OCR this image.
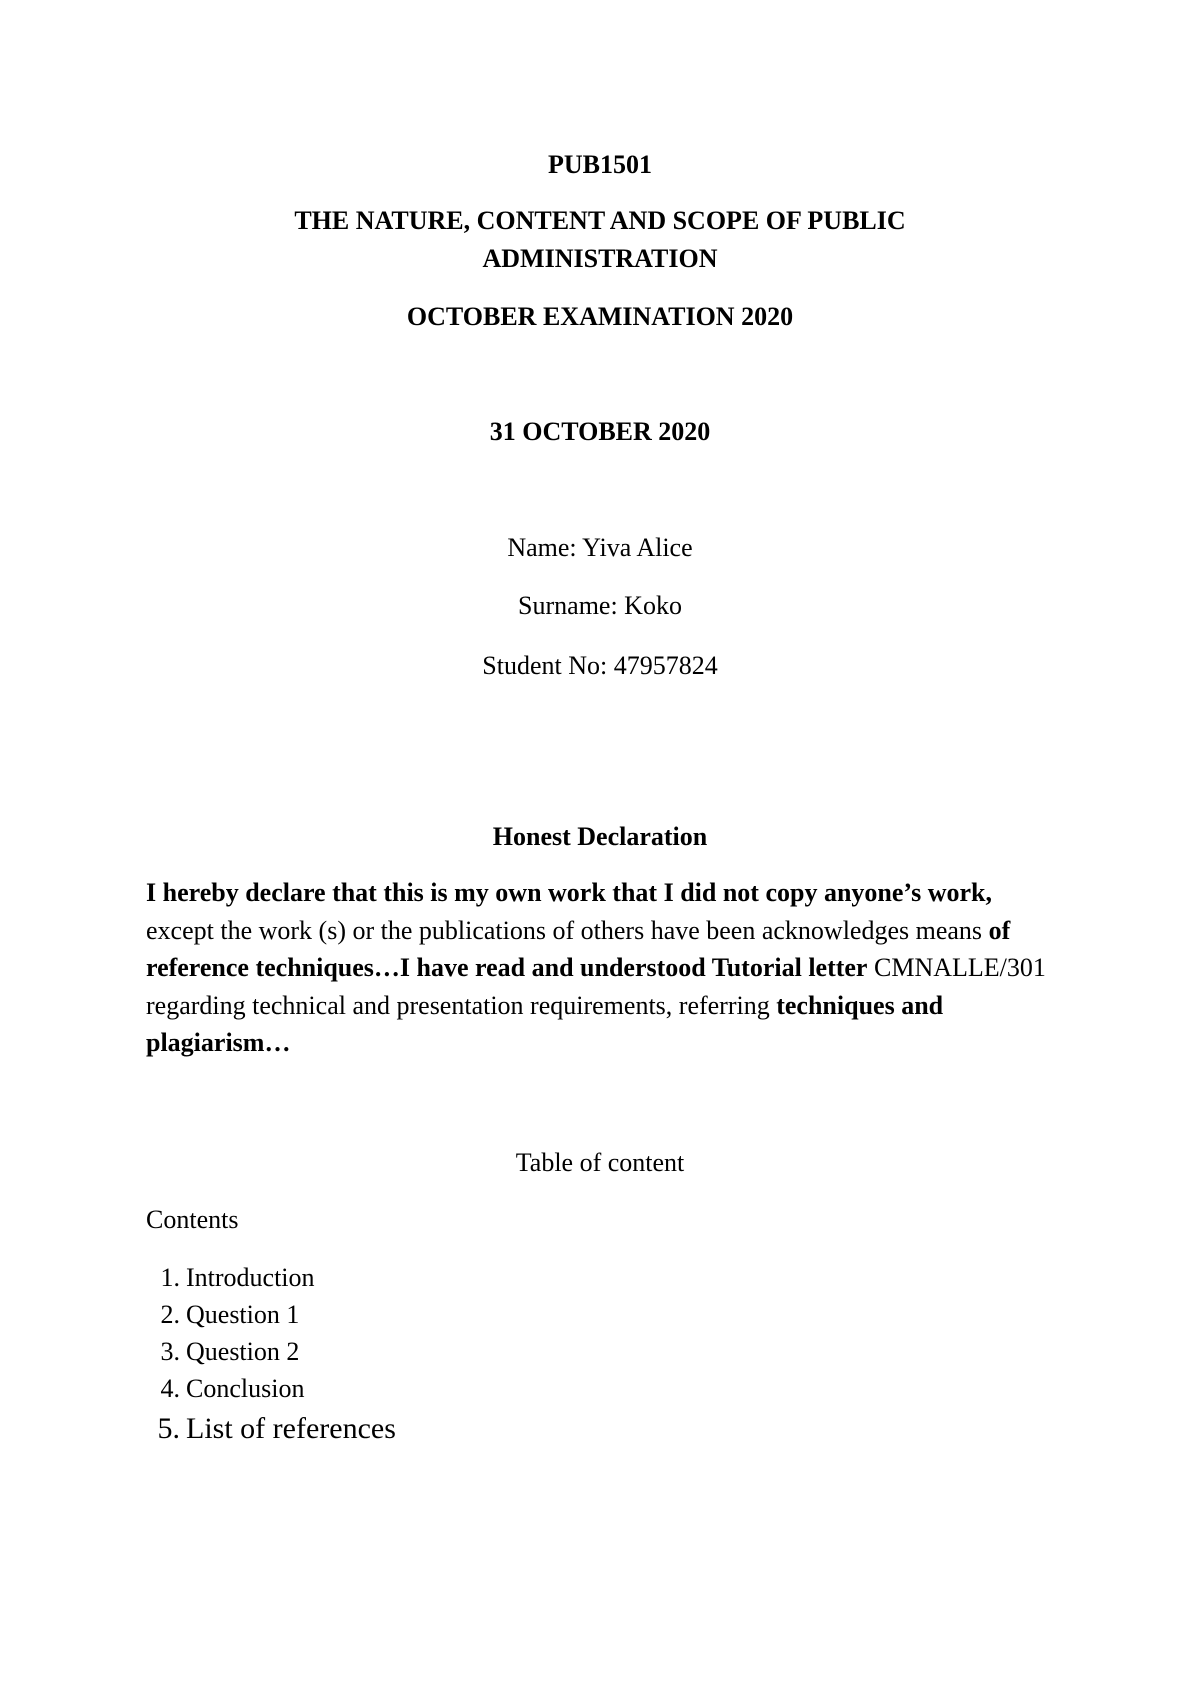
PUB1501

THE NATURE, CONTENT AND SCOPE OF PUBLIC
ADMINISTRATION

OCTOBER EXAMINATION 2020

31 OCTOBER 2020

Name: Yiva Alice

Surname: Koko

Student No: 47957824

Honest Declaration

I hereby declare that this is my own work that I did not copy anyone’s work, except the work (s) or the publications of others have been acknowledges means of reference techniques…I have read and understood Tutorial letter CMNALLE/301 regarding technical and presentation requirements, referring techniques and plagiarism…

Table of content

Contents

1. Introduction
2. Question 1
3. Question 2
4. Conclusion
5. List of references
